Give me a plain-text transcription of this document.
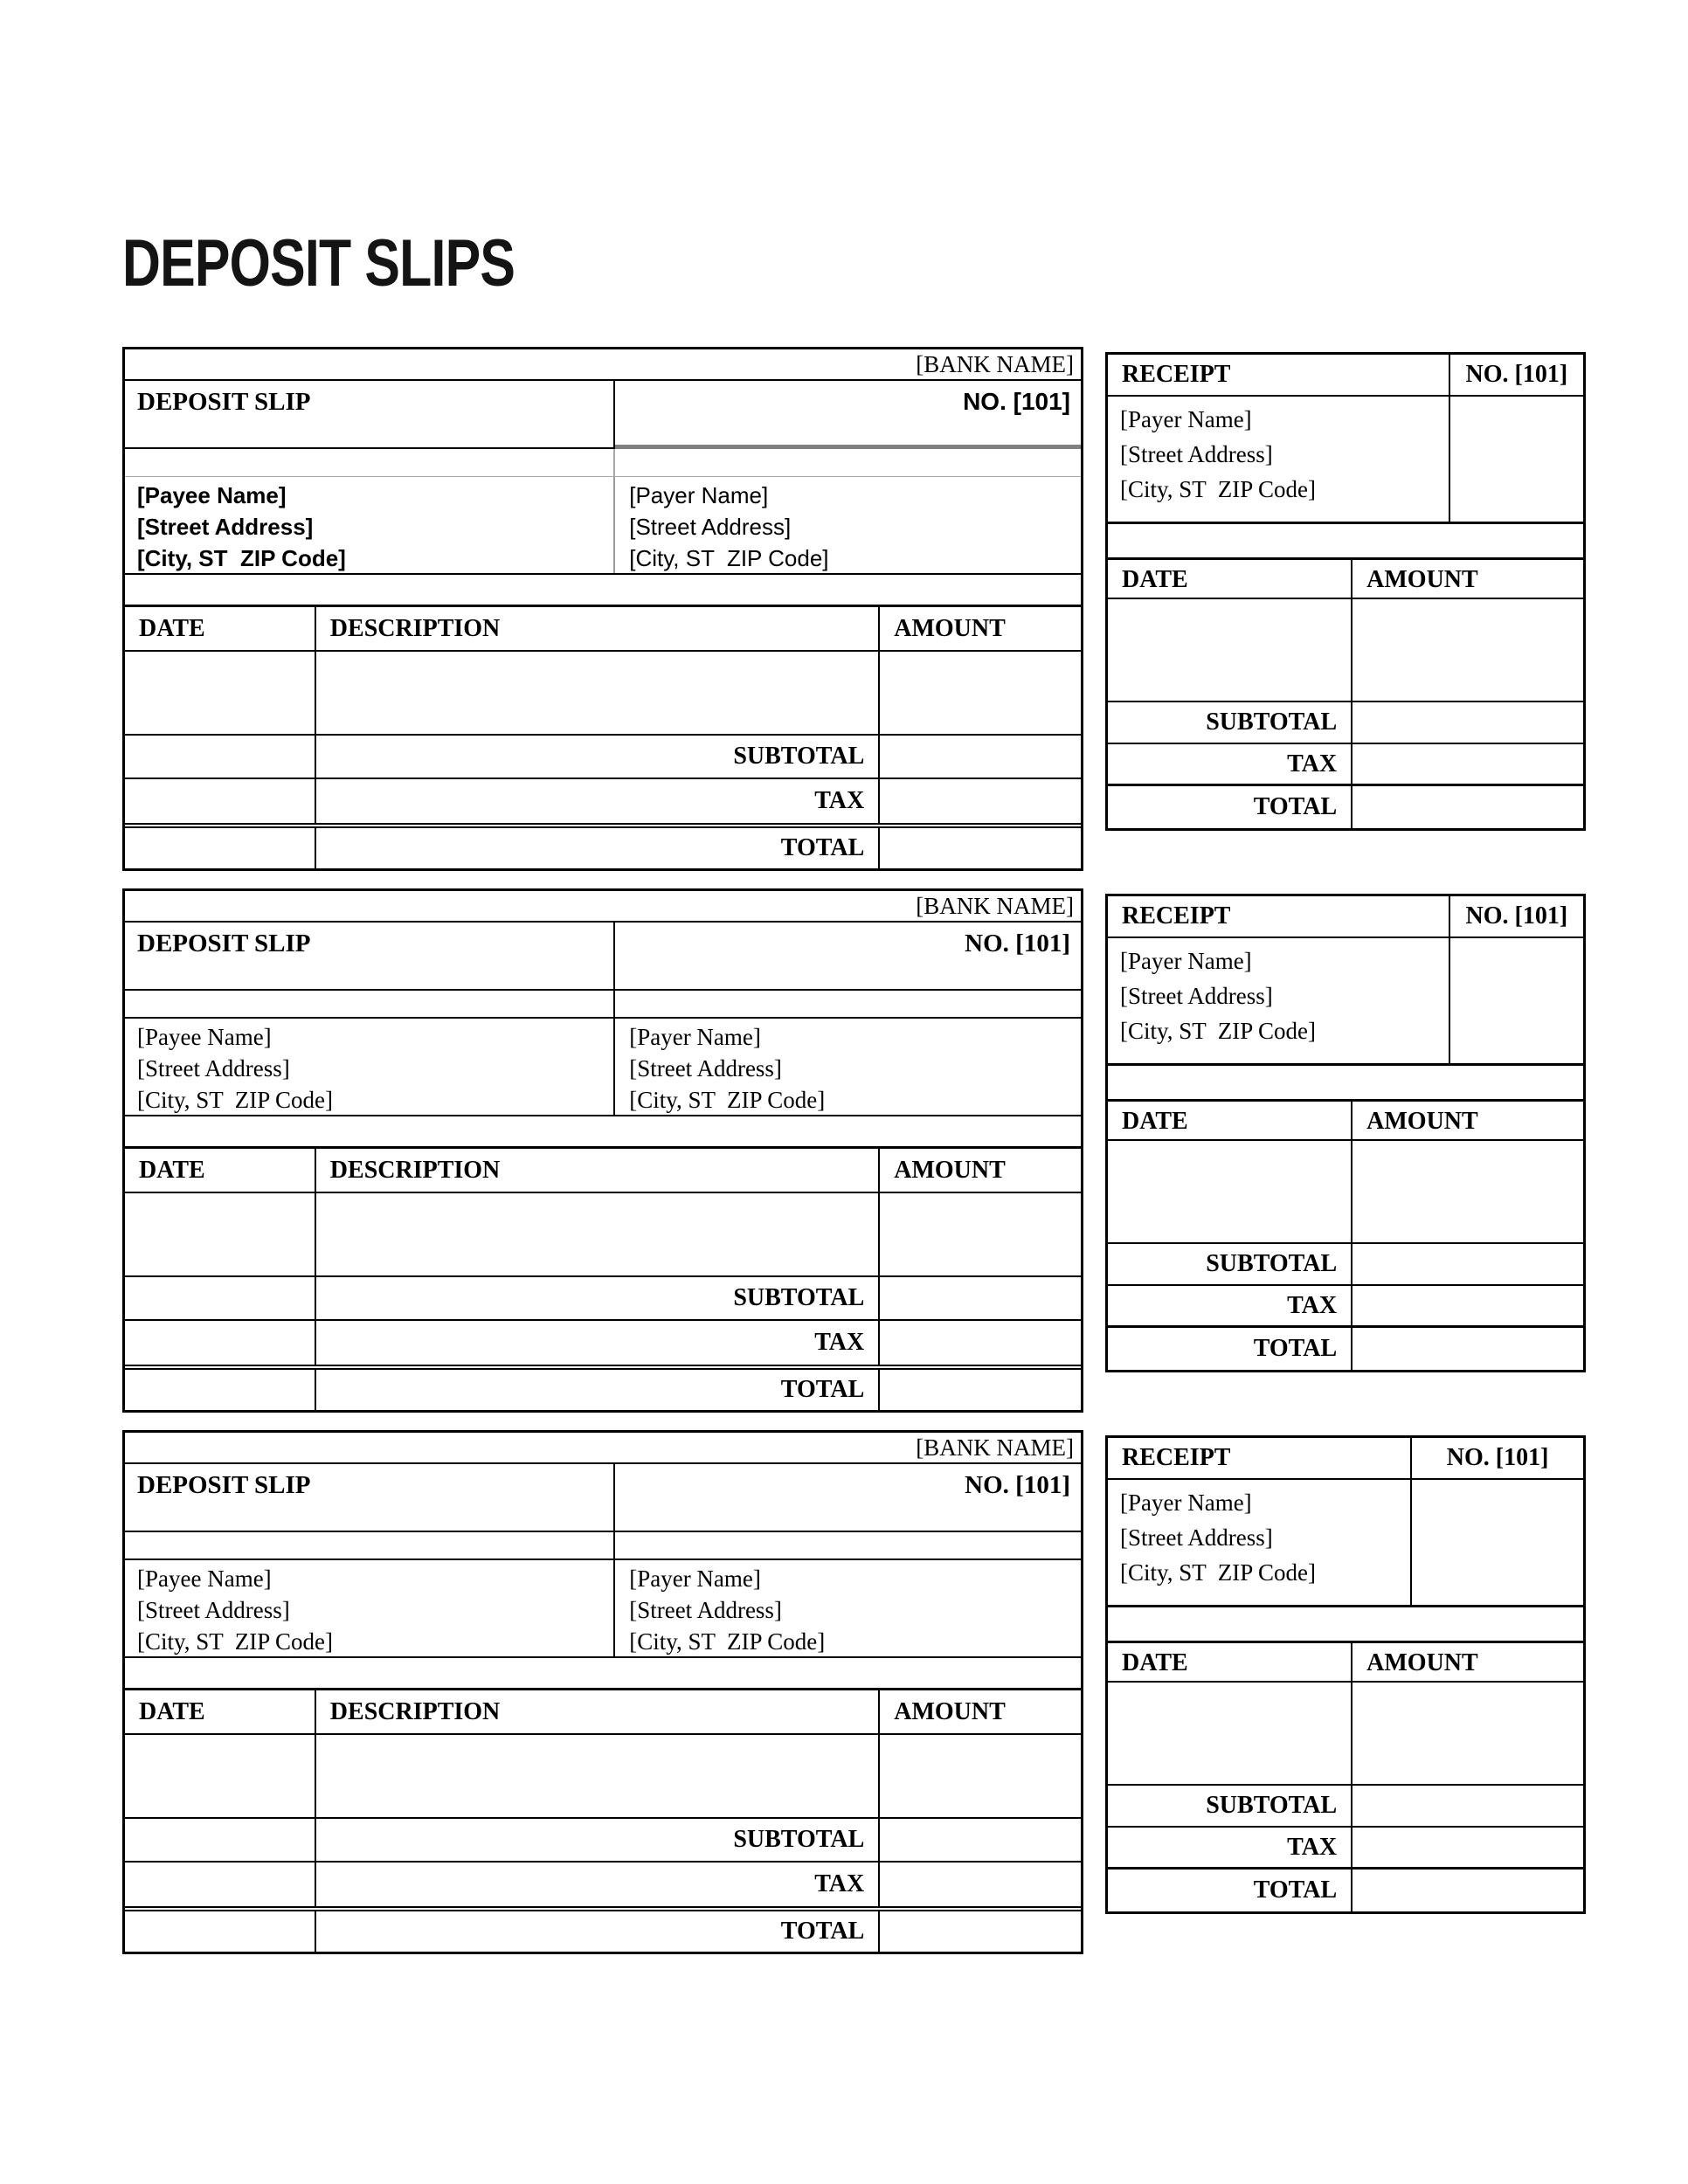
DEPOSIT SLIPS
[BANK NAME]
DEPOSIT SLIP	NO. [101]
[Payee Name]
[Street Address]
[City, ST  ZIP Code]
[Payer Name]
[Street Address]
[City, ST  ZIP Code]
DATE	DESCRIPTION	AMOUNT
SUBTOTAL
TAX
TOTAL
RECEIPT	NO. [101]
[Payer Name]
[Street Address]
[City, ST  ZIP Code]
DATE	AMOUNT
SUBTOTAL
TAX
TOTAL
[BANK NAME]
DEPOSIT SLIP	NO. [101]
[Payee Name]
[Street Address]
[City, ST  ZIP Code]
[Payer Name]
[Street Address]
[City, ST  ZIP Code]
DATE	DESCRIPTION	AMOUNT
SUBTOTAL
TAX
TOTAL
RECEIPT	NO. [101]
[Payer Name]
[Street Address]
[City, ST  ZIP Code]
DATE	AMOUNT
SUBTOTAL
TAX
TOTAL
[BANK NAME]
DEPOSIT SLIP	NO. [101]
[Payee Name]
[Street Address]
[City, ST  ZIP Code]
[Payer Name]
[Street Address]
[City, ST  ZIP Code]
DATE	DESCRIPTION	AMOUNT
SUBTOTAL
TAX
TOTAL
RECEIPT	NO. [101]
[Payer Name]
[Street Address]
[City, ST  ZIP Code]
DATE	AMOUNT
SUBTOTAL
TAX
TOTAL
